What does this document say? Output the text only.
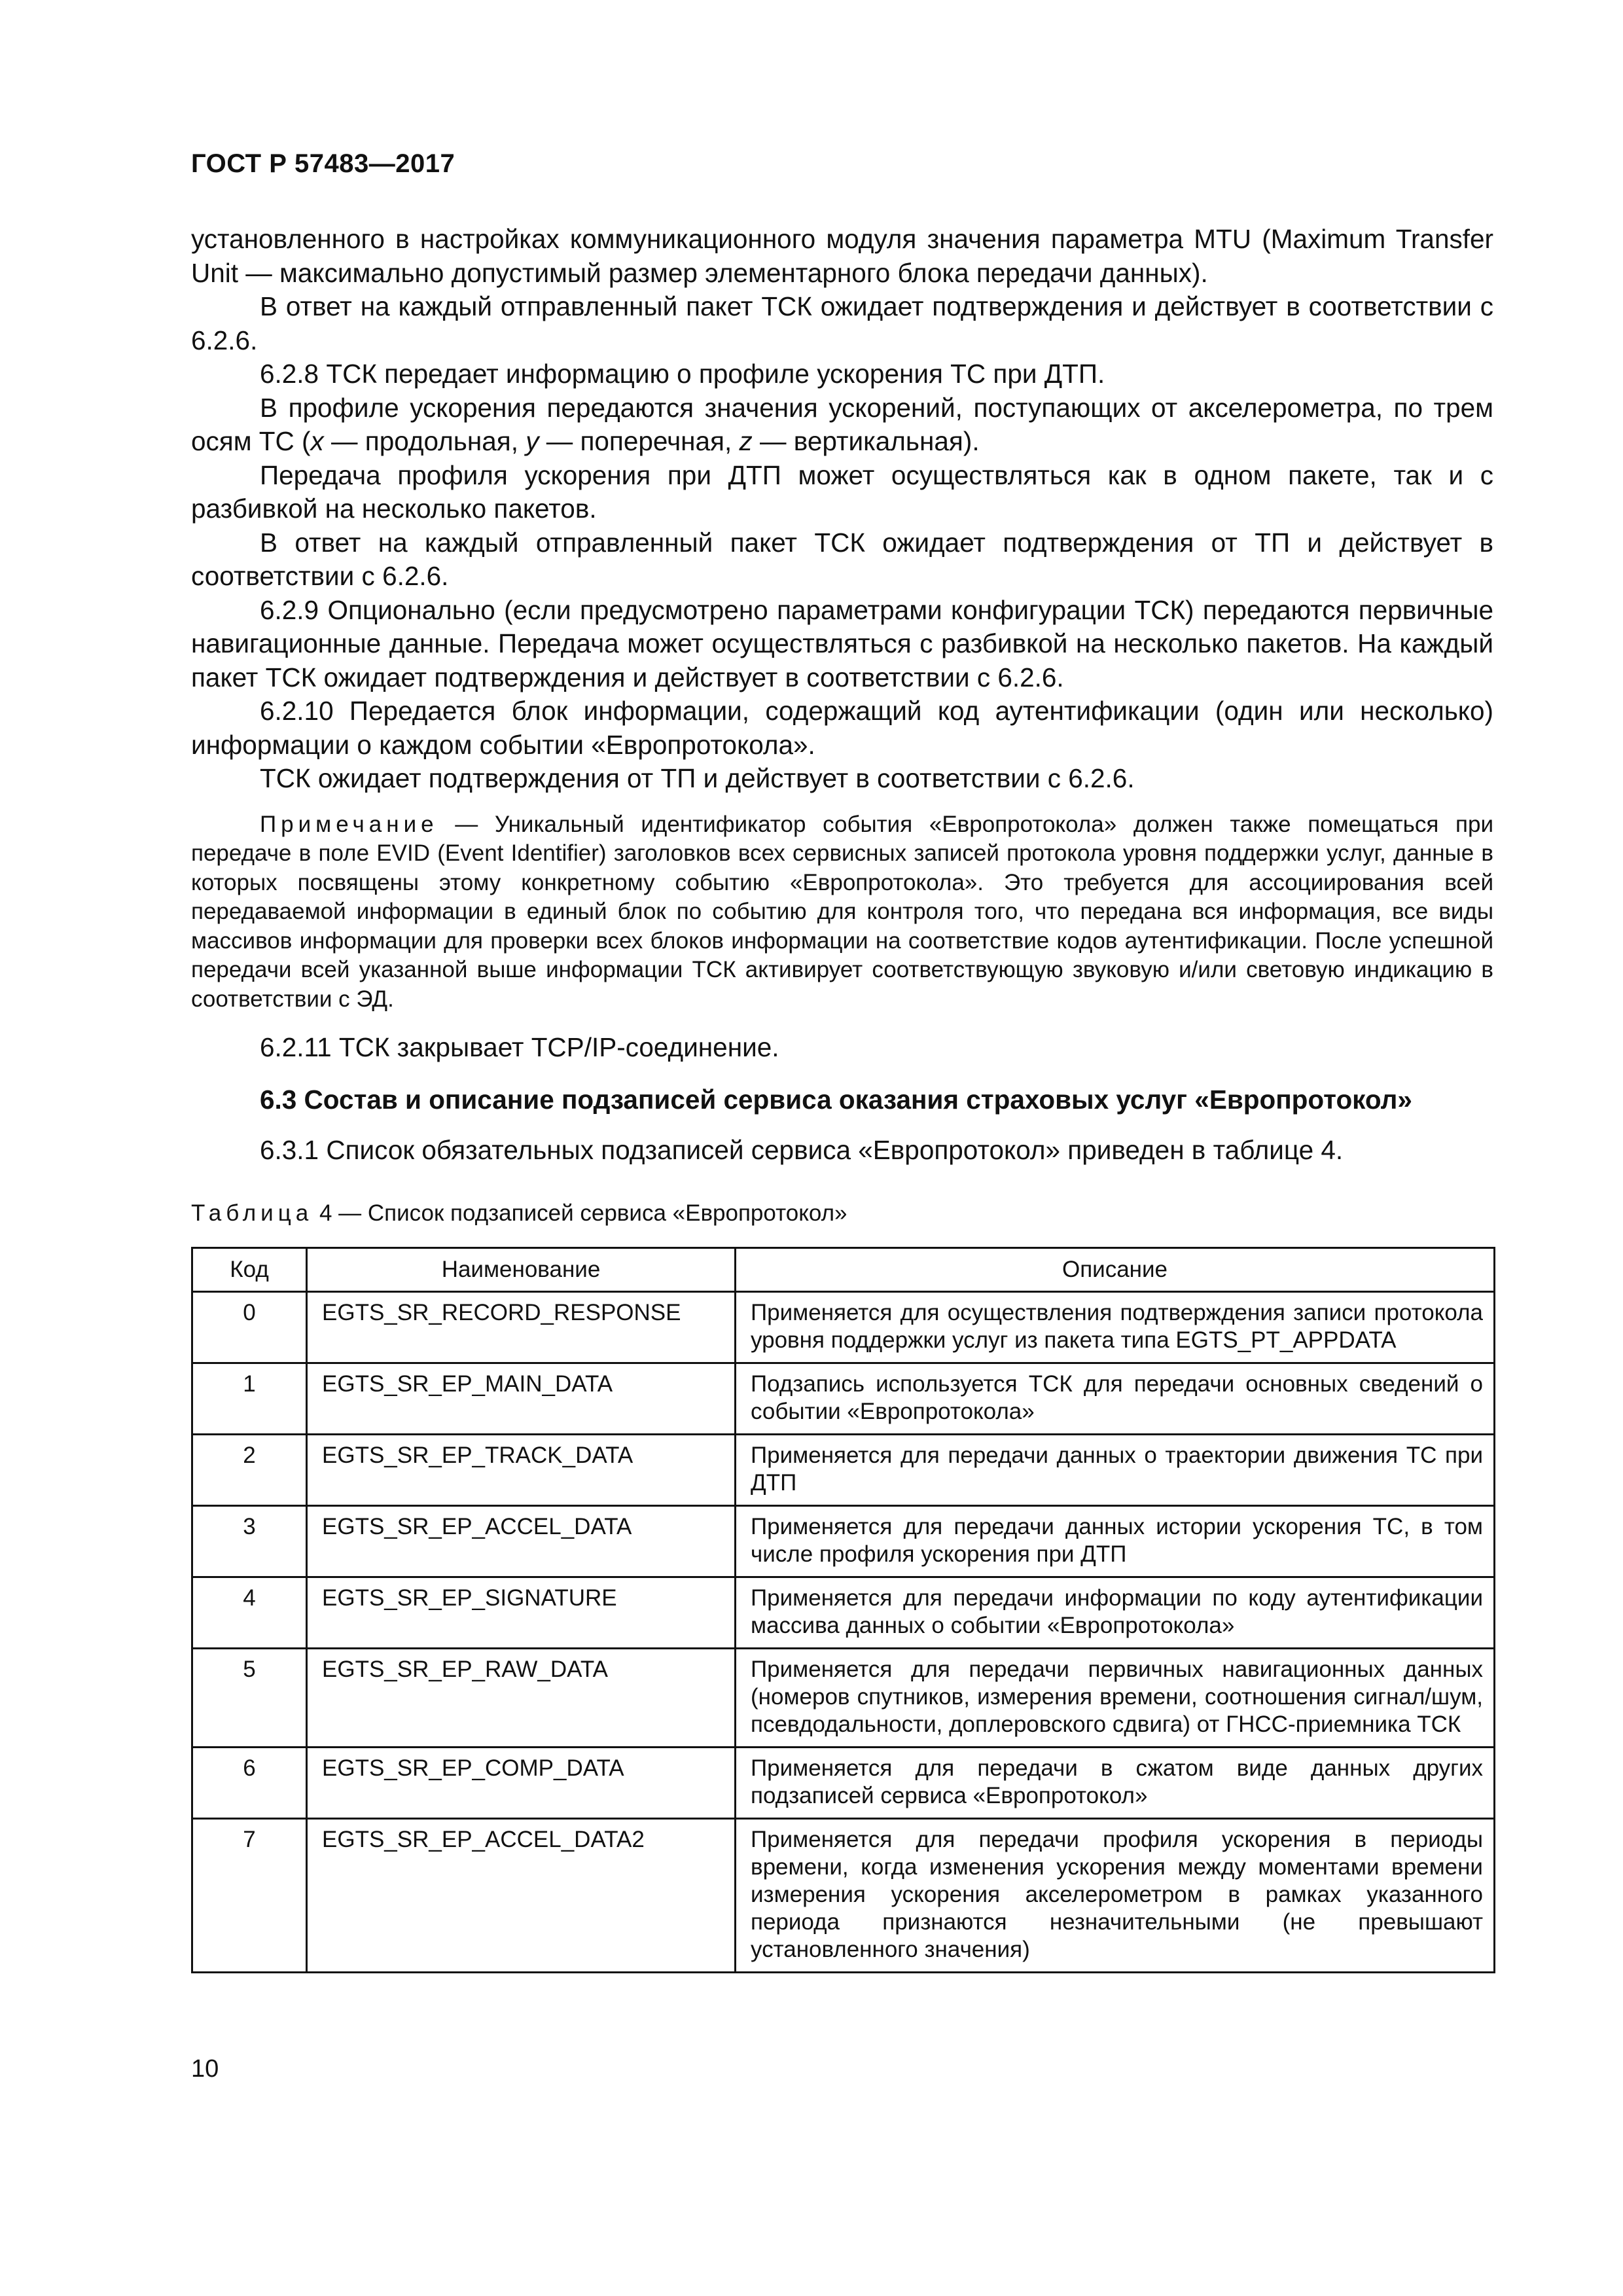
ГОСТ Р 57483—2017

установленного в настройках коммуникационного модуля значения параметра MTU (Maximum Transfer Unit — максимально допустимый размер элементарного блока передачи данных).

В ответ на каждый отправленный пакет ТСК ожидает подтверждения и действует в соответствии с 6.2.6.

6.2.8 ТСК передает информацию о профиле ускорения ТС при ДТП.

В профиле ускорения передаются значения ускорений, поступающих от акселерометра, по трем осям ТС (x — продольная, y — поперечная, z — вертикальная).

Передача профиля ускорения при ДТП может осуществляться как в одном пакете, так и с разбивкой на несколько пакетов.

В ответ на каждый отправленный пакет ТСК ожидает подтверждения от ТП и действует в соответствии с 6.2.6.

6.2.9 Опционально (если предусмотрено параметрами конфигурации ТСК) передаются первичные навигационные данные. Передача может осуществляться с разбивкой на несколько пакетов. На каждый пакет ТСК ожидает подтверждения и действует в соответствии с 6.2.6.

6.2.10 Передается блок информации, содержащий код аутентификации (один или несколько) информации о каждом событии «Европротокола».

ТСК ожидает подтверждения от ТП и действует в соответствии с 6.2.6.

Примечание — Уникальный идентификатор события «Европротокола» должен также помещаться при передаче в поле EVID (Event Identifier) заголовков всех сервисных записей протокола уровня поддержки услуг, данные в которых посвящены этому конкретному событию «Европротокола». Это требуется для ассоциирования всей передаваемой информации в единый блок по событию для контроля того, что передана вся информация, все виды массивов информации для проверки всех блоков информации на соответствие кодов аутентификации. После успешной передачи всей указанной выше информации ТСК активирует соответствующую звуковую и/или световую индикацию в соответствии с ЭД.

6.2.11 ТСК закрывает TCP/IP-соединение.

6.3 Состав и описание подзаписей сервиса оказания страховых услуг «Европротокол»

6.3.1 Список обязательных подзаписей сервиса «Европротокол» приведен в таблице 4.

Таблица 4 — Список подзаписей сервиса «Европротокол»

Код	Наименование	Описание
0	EGTS_SR_RECORD_RESPONSE	Применяется для осуществления подтверждения записи протокола уровня поддержки услуг из пакета типа EGTS_PT_APPDATA
1	EGTS_SR_EP_MAIN_DATA	Подзапись используется ТСК для передачи основных сведений о событии «Европротокола»
2	EGTS_SR_EP_TRACK_DATA	Применяется для передачи данных о траектории движения ТС при ДТП
3	EGTS_SR_EP_ACCEL_DATA	Применяется для передачи данных истории ускорения ТС, в том числе профиля ускорения при ДТП
4	EGTS_SR_EP_SIGNATURE	Применяется для передачи информации по коду аутентификации массива данных о событии «Европротокола»
5	EGTS_SR_EP_RAW_DATA	Применяется для передачи первичных навигационных данных (номеров спутников, измерения времени, соотношения сигнал/шум, псевдодальности, доплеровского сдвига) от ГНСС-приемника ТСК
6	EGTS_SR_EP_COMP_DATA	Применяется для передачи в сжатом виде данных других подзаписей сервиса «Европротокол»
7	EGTS_SR_EP_ACCEL_DATA2	Применяется для передачи профиля ускорения в периоды времени, когда изменения ускорения между моментами времени измерения ускорения акселерометром в рамках указанного периода признаются незначительными (не превышают установленного значения)
10
